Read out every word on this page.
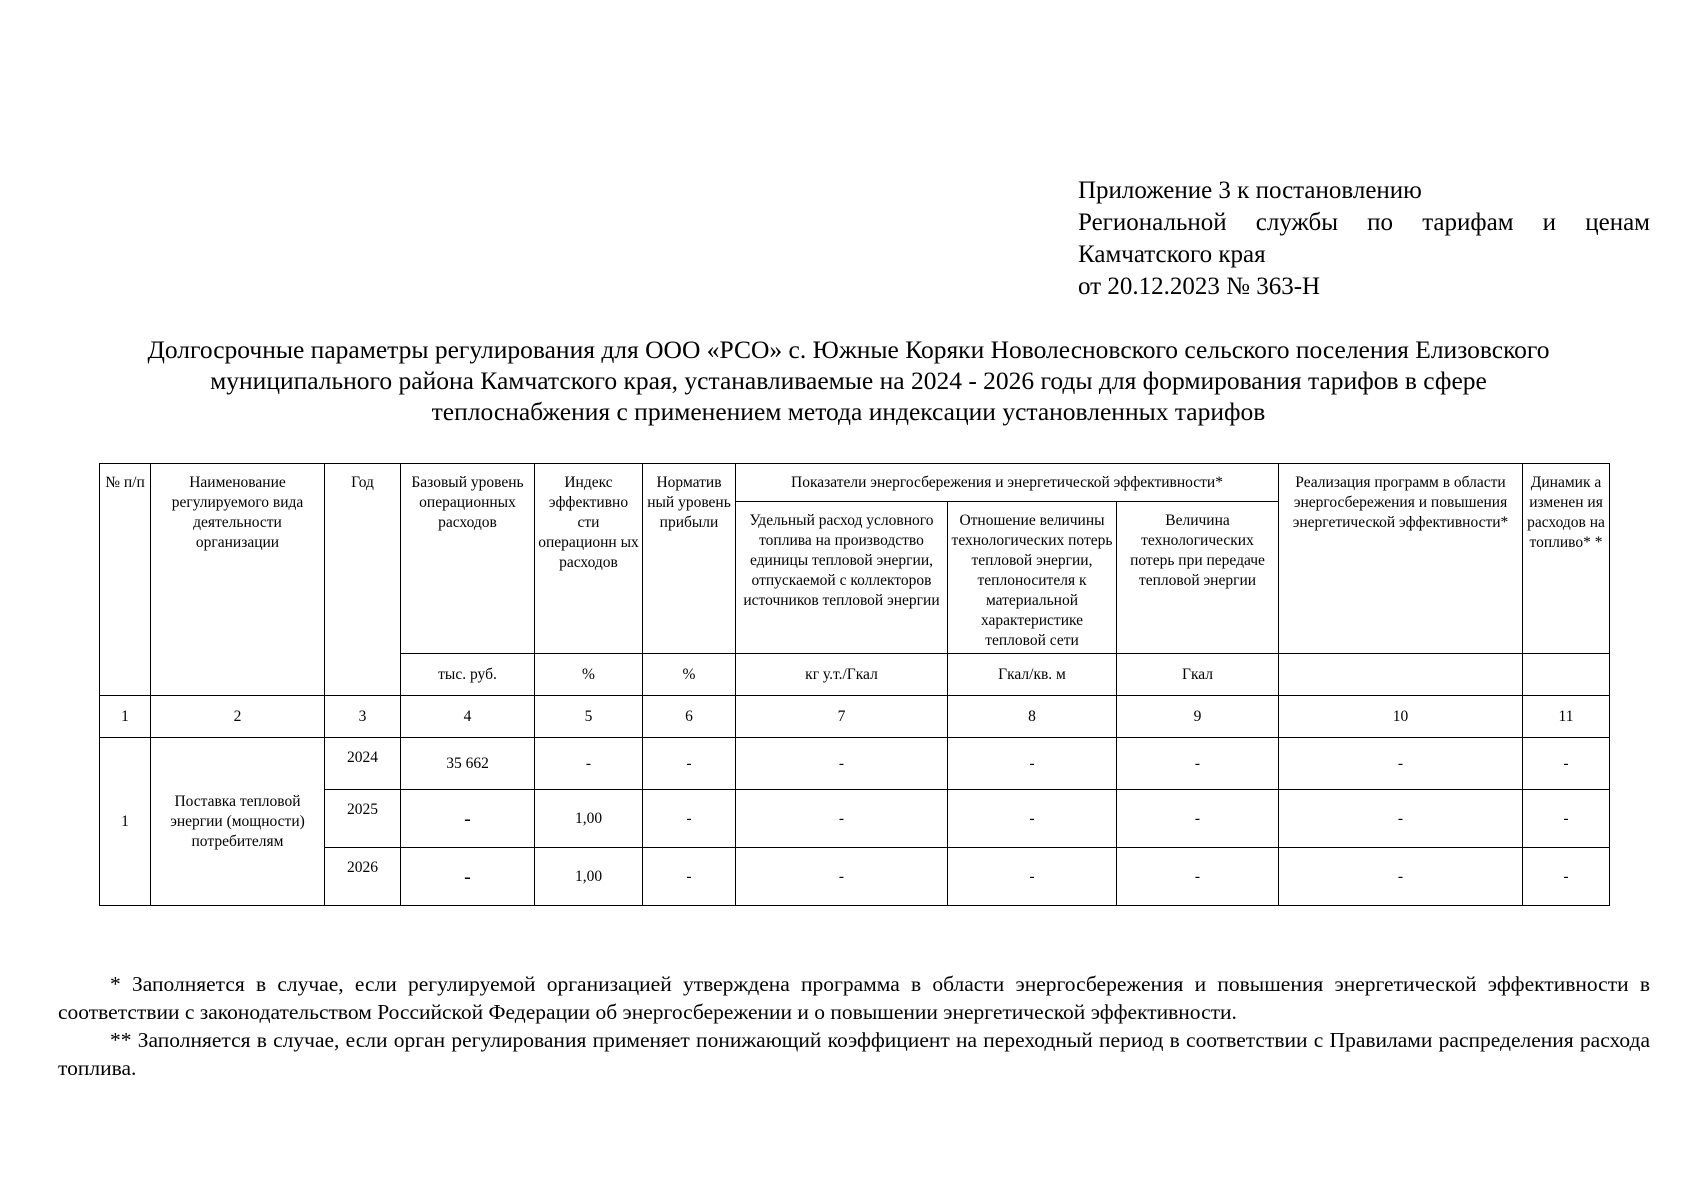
Приложение 3 к постановлению
Региональной службы по тарифам и ценам
Камчатского края
от 20.12.2023 № 363-Н
Долгосрочные параметры регулирования для ООО «РСО» с. Южные Коряки Новолесновского сельского поселения Елизовского
муниципального района Камчатского края, устанавливаемые на 2024 - 2026 годы для формирования тарифов в сфере
теплоснабжения с применением метода индексации установленных тарифов
№ п/п	Наименование регулируемого вида деятельности организации	Год	Базовый уровень операционных расходов	Индекс эффективно сти операционн ых расходов	Норматив ный уровень прибыли	Показатели энергосбережения и энергетической эффективности*			Реализация программ в области энергосбережения и повышения энергетической эффективности*	Динамик а изменен ия расходов на топливо* *
						Удельный расход условного топлива на производство единицы тепловой энергии, отпускаемой с коллекторов источников тепловой энергии	Отношение величины технологических потерь тепловой энергии, теплоносителя к материальной характеристике тепловой сети	Величина технологических потерь при передаче тепловой энергии		
			тыс. руб.	%	%	кг у.т./Гкал	Гкал/кв. м	Гкал		
1	2	3	4	5	6	7	8	9	10	11
1	Поставка тепловой энергии (мощности) потребителям	2024	35 662	-	-	-	-	-	-	-
		2025	-	1,00	-	-	-	-	-	-
		2026	-	1,00	-	-	-	-	-	-

* Заполняется в случае, если регулируемой организацией утверждена программа в области энергосбережения и повышения энергетической эффективности в соответствии с законодательством Российской Федерации об энергосбережении и о повышении энергетической эффективности.

** Заполняется в случае, если орган регулирования применяет понижающий коэффициент на переходный период в соответствии с Правилами распределения расхода топлива.
